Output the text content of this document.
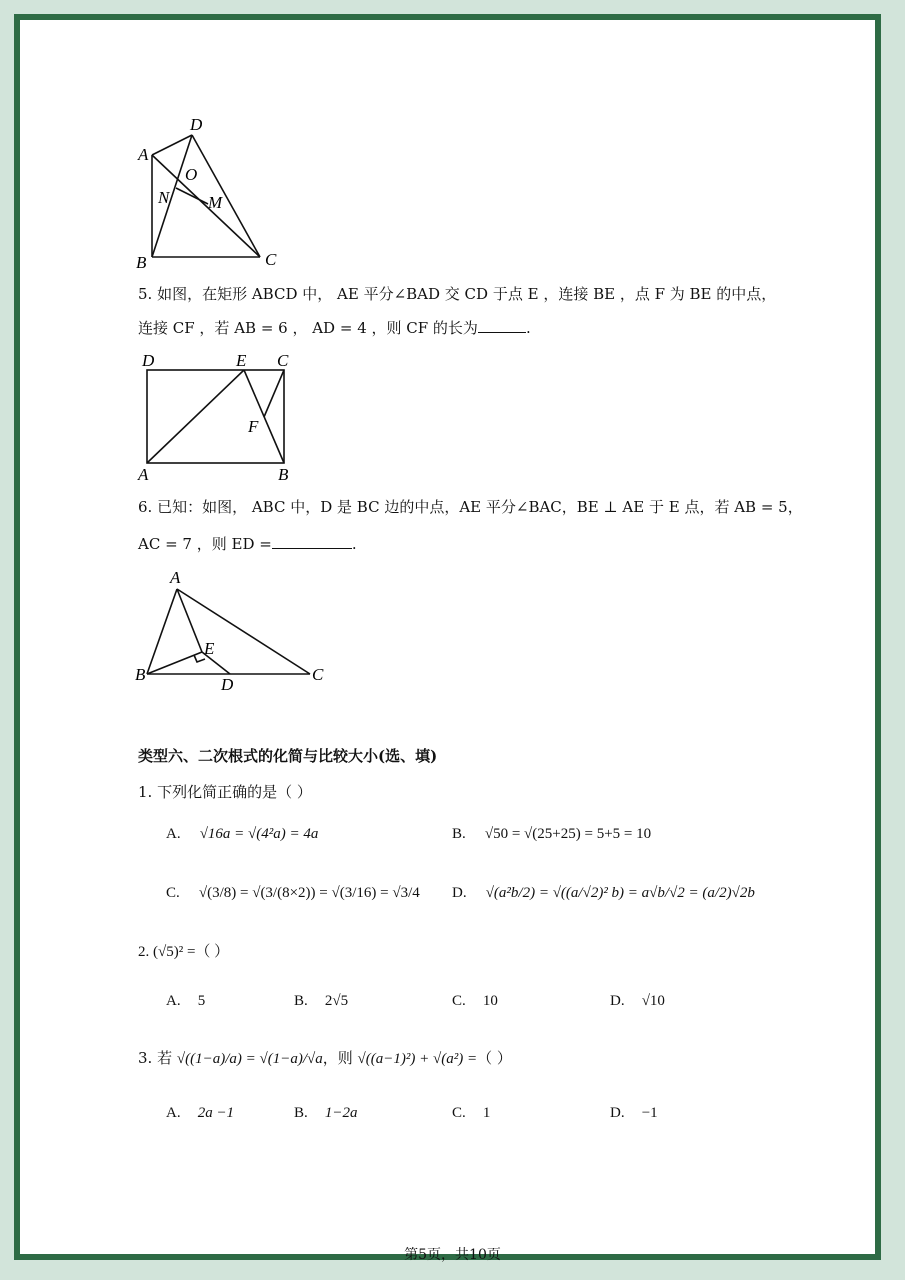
A
D
O
N M
B	C
5. 如图，在矩形 ABCD 中， AE 平分∠BAD 交 CD 于点 E ，连接 BE ，点 F 为 BE 的中点，
连接 CF ，若 AB = 6 ， AD = 4 ，则 CF 的长为	.
D	E C
F
A	B
6. 已知：如图， ABC 中，D 是 BC 边的中点，AE 平分∠BAC，BE ⊥ AE 于 E 点，若 AB = 5，
AC = 7 ，则 ED =	.
A
E
B
D
C
类型六、二次根式的化简与比较大小(选、填)
1. 下列化简正确的是（ ）
A. √16a = √(4²a) = 4a	B. √50 = √(25+25) = 5+5 = 10
C. √(3/8) = √(3/(8×2)) = √(3/16) = √3/4 D. √(a²b/2) = √((a/√2)² b) = a√b/√2 = (a/2)√2b
2. (√5)² =（ ）
A. 5	B. 2√5	C. 10	D. √10
3. 若 √((1−a)/a) = √(1−a)/√a，则 √((a−1)²) + √(a²) =（ ）
A. 2a −1	B. 1−2a	C. 1	D. −1
第5页，共10页
